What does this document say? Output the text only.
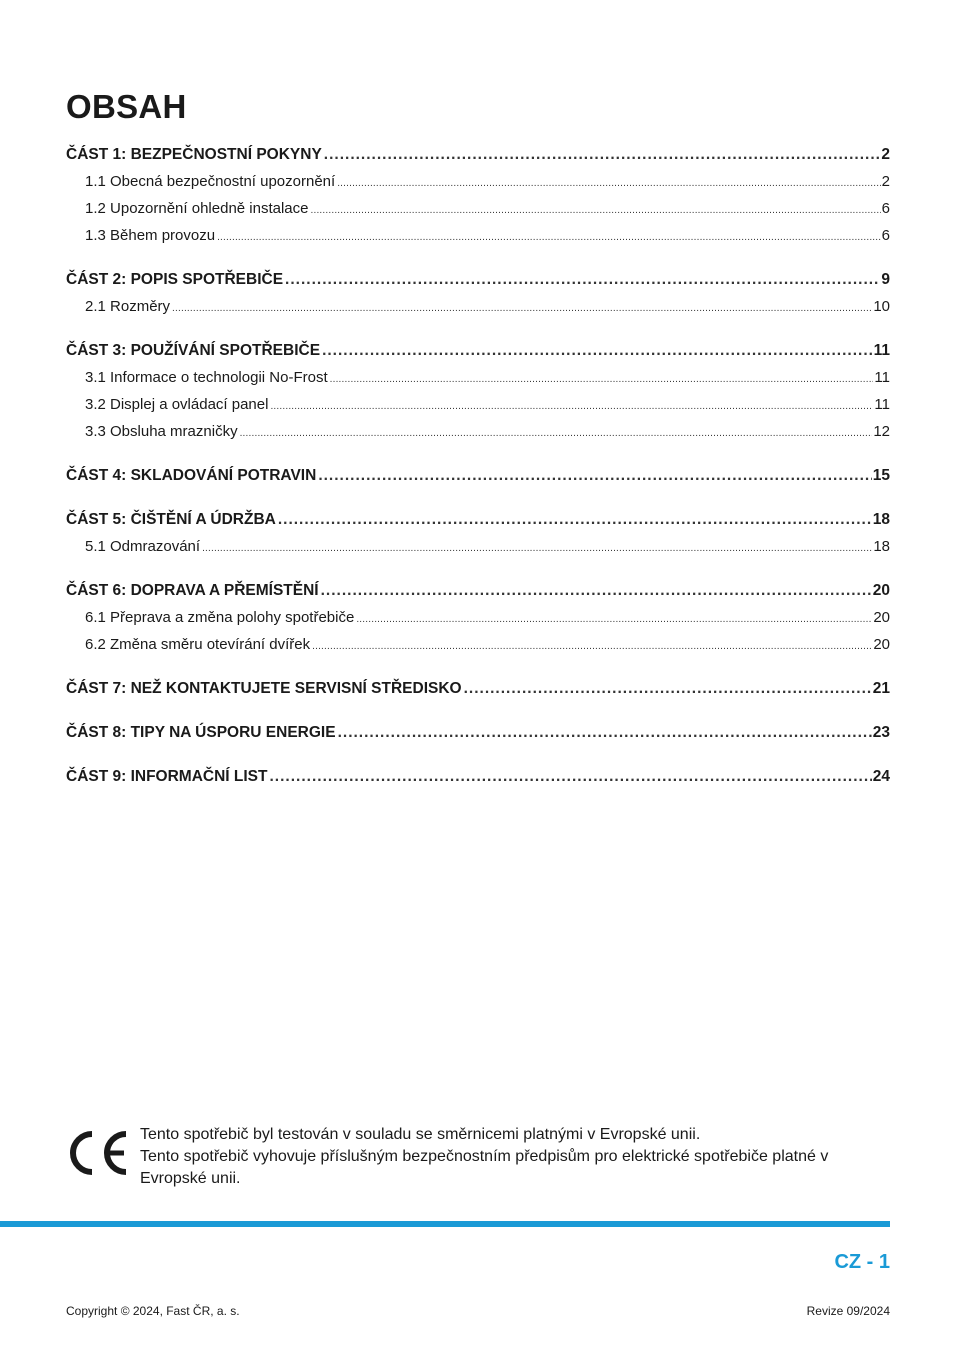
OBSAH
ČÁST 1: BEZPEČNOSTNÍ POKYNY .....	2
1.1 Obecná bezpečnostní upozornění .....	2
1.2 Upozornění ohledně instalace .....	6
1.3 Během provozu .....	6
ČÁST 2: POPIS SPOTŘEBIČE .....	9
2.1 Rozměry .....	10
ČÁST 3: POUŽÍVÁNÍ SPOTŘEBIČE .....	11
3.1 Informace o technologii No-Frost .....	11
3.2 Displej a ovládací panel .....	11
3.3 Obsluha mrazničky .....	12
ČÁST 4: SKLADOVÁNÍ POTRAVIN .....	15
ČÁST 5: ČIŠTĚNÍ A ÚDRŽBA .....	18
5.1 Odmrazování .....	18
ČÁST 6: DOPRAVA A PŘEMÍSTĚNÍ .....	20
6.1 Přeprava a změna polohy spotřebiče .....	20
6.2 Změna směru otevírání dvířek .....	20
ČÁST 7: NEŽ KONTAKTUJETE SERVISNÍ STŘEDISKO .....	21
ČÁST 8: TIPY NA ÚSPORU ENERGIE .....	23
ČÁST 9: INFORMAČNÍ LIST .....	24
Tento spotřebič byl testován v souladu se směrnicemi platnými v Evropské unii.
Tento spotřebič vyhovuje příslušným bezpečnostním předpisům pro elektrické spotřebiče platné v Evropské unii.
CZ - 1
Copyright © 2024, Fast ČR, a. s.	Revize 09/2024
